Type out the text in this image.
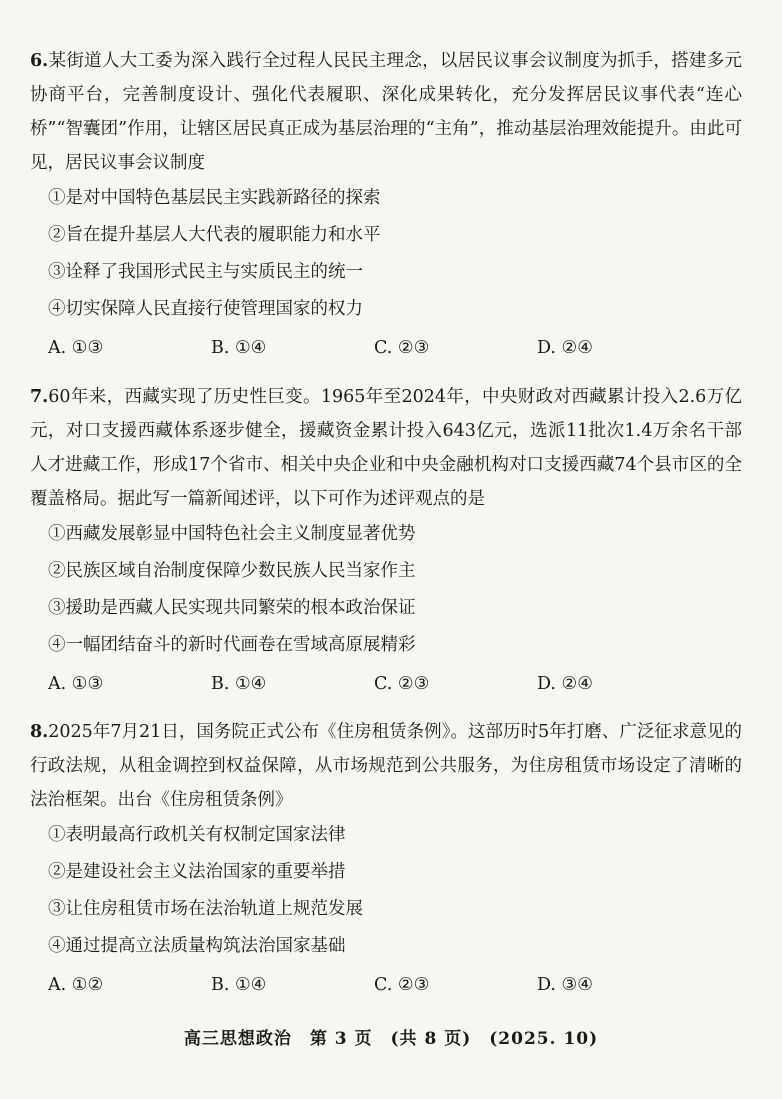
6.某街道人大工委为深入践行全过程人民民主理念，以居民议事会议制度为抓手，搭建多元协商平台，完善制度设计、强化代表履职、深化成果转化，充分发挥居民议事代表“连心桥”“智囊团”作用，让辖区居民真正成为基层治理的“主角”，推动基层治理效能提升。由此可见，居民议事会议制度

①是对中国特色基层民主实践新路径的探索

②旨在提升基层人大代表的履职能力和水平

③诠释了我国形式民主与实质民主的统一

④切实保障人民直接行使管理国家的权力

A. ①③	B. ①④	C. ②③	D. ②④

7.60年来，西藏实现了历史性巨变。1965年至2024年，中央财政对西藏累计投入2.6万亿元，对口支援西藏体系逐步健全，援藏资金累计投入643亿元，选派11批次1.4万余名干部人才进藏工作，形成17个省市、相关中央企业和中央金融机构对口支援西藏74个县市区的全覆盖格局。据此写一篇新闻述评，以下可作为述评观点的是

①西藏发展彰显中国特色社会主义制度显著优势

②民族区域自治制度保障少数民族人民当家作主

③援助是西藏人民实现共同繁荣的根本政治保证

④一幅团结奋斗的新时代画卷在雪域高原展精彩

A. ①③	B. ①④	C. ②③	D. ②④

8.2025年7月21日，国务院正式公布《住房租赁条例》。这部历时5年打磨、广泛征求意见的行政法规，从租金调控到权益保障，从市场规范到公共服务，为住房租赁市场设定了清晰的法治框架。出台《住房租赁条例》

①表明最高行政机关有权制定国家法律

②是建设社会主义法治国家的重要举措

③让住房租赁市场在法治轨道上规范发展

④通过提高立法质量构筑法治国家基础

A. ①②	B. ①④	C. ②③	D. ③④
高三思想政治　第 3 页　(共 8 页)　(2025. 10)
